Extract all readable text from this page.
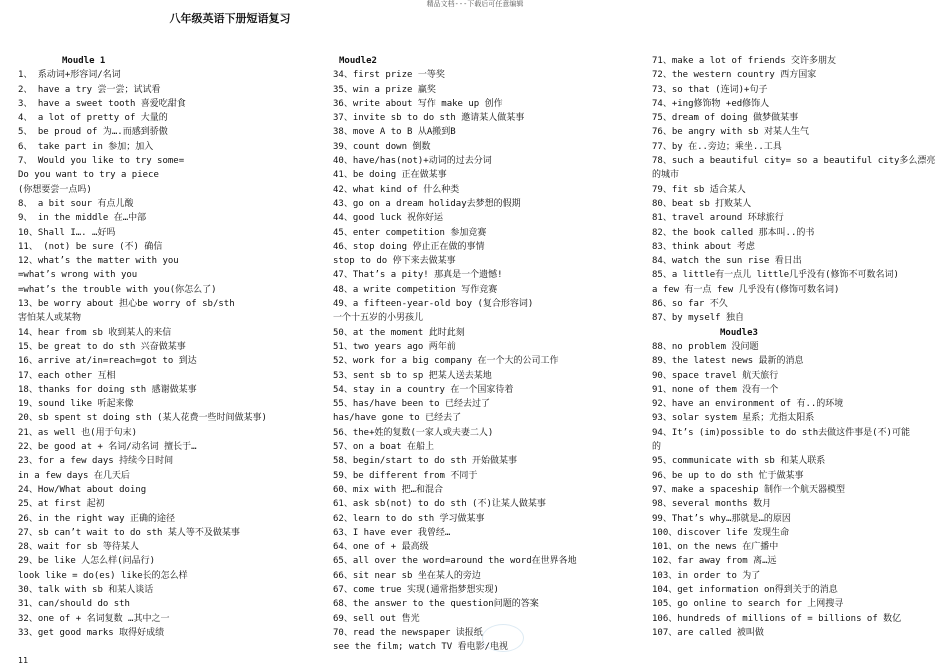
精品文档---下载后可任意编辑
八年级英语下册短语复习
Moudle 1
1、 系动词+形容词/名词
2、 have a try 尝一尝；试试看
3、 have a sweet tooth 喜爱吃甜食
4、 a lot of pretty of 大量的
5、 be proud of 为….而感到骄傲
6、 take part in 参加；加入
7、 Would you like to try some=
Do you want to try a piece
(你想要尝一点吗)
8、 a bit sour 有点儿酸
9、 in the middle 在…中部
10、Shall I…. …好吗
11、 (not) be sure (不) 确信
12、what’s the matter with you
=what’s wrong with you
=what’s the trouble with you(你怎么了)
13、be worry about 担心be worry of sb/sth
害怕某人或某物
14、hear from sb 收到某人的来信
15、be great to do sth 兴奋做某事
16、arrive at/in=reach=got to 到达
17、each other 互相
18、thanks for doing sth 感谢做某事
19、sound like 听起来像
20、sb spent st doing sth (某人花费一些时间做某事)
21、as well 也(用于句末)
22、be good at + 名词/动名词 擅长于…
23、for a few days 持续今日时间
in a few days 在几天后
24、How/What about doing
25、at first 起初
26、in the right way 正确的途径
27、sb can’t wait to do sth 某人等不及做某事
28、wait for sb 等待某人
29、be like 人怎么样(问品行)
look like = do(es) like长的怎么样
30、talk with sb 和某人谈话
31、can/should do sth
32、one of + 名词复数 …其中之一
33、get good marks 取得好成绩
Moudle2
34、first prize 一等奖
35、win a prize 赢奖
36、write about 写作 make up 创作
37、invite sb to do sth 邀请某人做某事
38、move A to B 从A搬到B
39、count down 倒数
40、have/has(not)+动词的过去分词
41、be doing 正在做某事
42、what kind of 什么种类
43、go on a dream holiday去梦想的假期
44、good luck 祝你好运
45、enter competition 参加竞赛
46、stop doing 停止正在做的事情
stop to do 停下来去做某事
47、That’s a pity! 那真是一个遗憾!
48、a write competition 写作竞赛
49、a fifteen-year-old boy (复合形容词)
一个十五岁的小男孩儿
50、at the moment 此时此刻
51、two years ago 两年前
52、work for a big company 在一个大的公司工作
53、sent sb to sp 把某人送去某地
54、stay in a country 在一个国家待着
55、has/have been to 已经去过了
has/have gone to 已经去了
56、the+姓的复数(一家人或夫妻二人)
57、on a boat 在船上
58、begin/start to do sth 开始做某事
59、be different from 不同于
60、mix with 把…和混合
61、ask sb(not) to do sth (不)让某人做某事
62、learn to do sth 学习做某事
63、I have ever 我曾经…
64、one of + 最高级
65、all over the word=around the word在世界各地
66、sit near sb 坐在某人的旁边
67、come true 实现(通常指梦想实现)
68、the answer to the question问题的答案
69、sell out 售光
70、read the newspaper 读报纸
see the film; watch TV 看电影/电视
71、make a lot of friends 交许多朋友
72、the western country 西方国家
73、so that (连词)+句子
74、+ing修饰物 +ed修饰人
75、dream of doing 做梦做某事
76、be angry with sb 对某人生气
77、by 在..旁边；乘坐..工具
78、such a beautiful city= so a beautiful city多么漂亮
的城市
79、fit sb 适合某人
80、beat sb 打败某人
81、travel around 环球旅行
82、the book called 那本叫..的书
83、think about 考虑
84、watch the sun rise 看日出
85、a little有一点儿 little几乎没有(修饰不可数名词)
a few 有一点 few 几乎没有(修饰可数名词)
86、so far 不久
87、by myself 独自
Moudle3
88、no problem 没问题
89、the latest news 最新的消息
90、space travel 航天旅行
91、none of them 没有一个
92、have an environment of 有..的环境
93、solar system 星系；尤指太阳系
94、It’s (im)possible to do sth去做这件事是(不)可能
的
95、communicate with sb 和某人联系
96、be up to do sth 忙于做某事
97、make a spaceship 制作一个航天器模型
98、several months 数月
99、That’s why…那就是…的原因
100、discover life 发现生命
101、on the news 在广播中
102、far away from 离…远
103、in order to 为了
104、get information on得到关于的消息
105、go online to search for 上网搜寻
106、hundreds of millions of = billions of 数亿
107、are called 被叫做
11
